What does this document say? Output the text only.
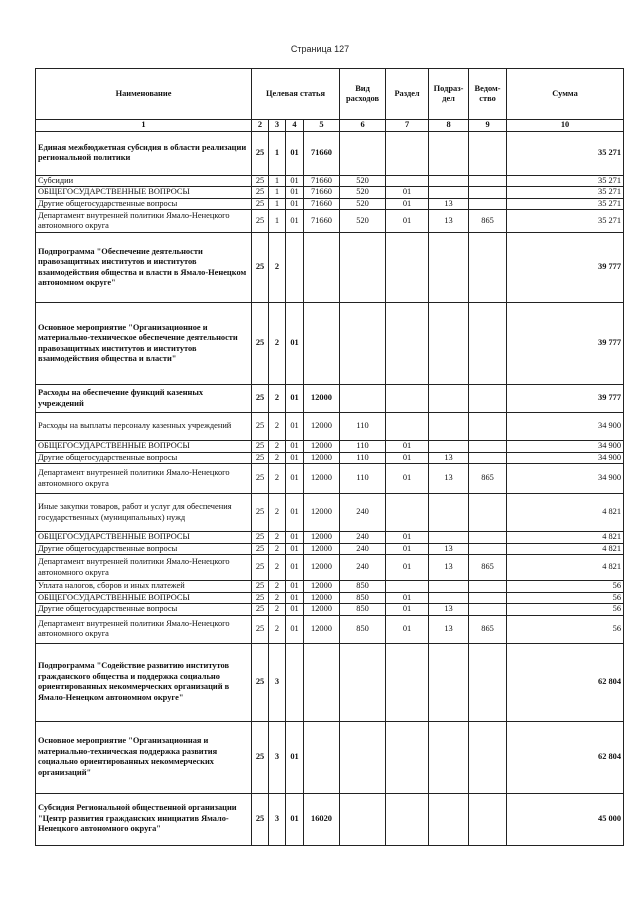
Страница 127
Наименование	Целевая статья				Вид расходов	Раздел	Подраз-дел	Ведом-ство	Сумма
1	2	3	4	5	6	7	8	9	10
Единая межбюджетная субсидия в области реализации региональной политики	25	1	01	71660					35 271
Субсидии	25	1	01	71660	520				35 271
ОБЩЕГОСУДАРСТВЕННЫЕ ВОПРОСЫ	25	1	01	71660	520	01			35 271
Другие общегосударственные вопросы	25	1	01	71660	520	01	13		35 271
Департамент внутренней политики Ямало-Ненецкого автономного округа	25	1	01	71660	520	01	13	865	35 271
Подпрограмма "Обеспечение деятельности правозащитных институтов и институтов взаимодействия общества и власти в Ямало-Ненецком автономном округе"	25	2							39 777
Основное мероприятие "Организационное и материально-техническое обеспечение деятельности правозащитных институтов и институтов взаимодействия общества и власти"	25	2	01						39 777
Расходы на обеспечение функций казенных учреждений	25	2	01	12000					39 777
Расходы на выплаты персоналу казенных учреждений	25	2	01	12000	110				34 900
ОБЩЕГОСУДАРСТВЕННЫЕ ВОПРОСЫ	25	2	01	12000	110	01			34 900
Другие общегосударственные вопросы	25	2	01	12000	110	01	13		34 900
Департамент внутренней политики Ямало-Ненецкого автономного округа	25	2	01	12000	110	01	13	865	34 900
Иные закупки товаров, работ и услуг для обеспечения государственных (муниципальных) нужд	25	2	01	12000	240				4 821
ОБЩЕГОСУДАРСТВЕННЫЕ ВОПРОСЫ	25	2	01	12000	240	01			4 821
Другие общегосударственные вопросы	25	2	01	12000	240	01	13		4 821
Департамент внутренней политики Ямало-Ненецкого автономного округа	25	2	01	12000	240	01	13	865	4 821
Уплата налогов, сборов и иных платежей	25	2	01	12000	850				56
ОБЩЕГОСУДАРСТВЕННЫЕ ВОПРОСЫ	25	2	01	12000	850	01			56
Другие общегосударственные вопросы	25	2	01	12000	850	01	13		56
Департамент внутренней политики Ямало-Ненецкого автономного округа	25	2	01	12000	850	01	13	865	56
Подпрограмма "Содействие развитию институтов гражданского общества и поддержка социально ориентированных некоммерческих организаций в Ямало-Ненецком автономном округе"	25	3							62 804
Основное мероприятие "Организационная и материально-техническая поддержка развития социально ориентированных некоммерческих организаций"	25	3	01						62 804
Субсидия Региональной общественной организации "Центр развития гражданских инициатив Ямало-Ненецкого автономного округа"	25	3	01	16020					45 000
